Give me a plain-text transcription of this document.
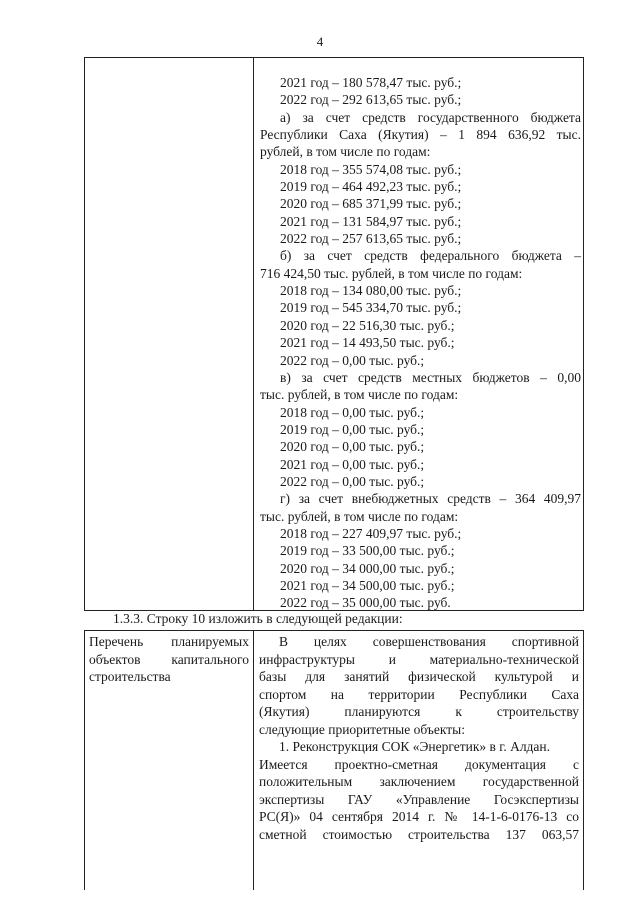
4
2021 год – 180 578,47 тыс. руб.;
2022 год – 292 613,65 тыс. руб.;
а) за счет средств государственного бюджета
Республики Саха (Якутия) – 1 894 636,92 тыс.
рублей, в том числе по годам:
2018 год – 355 574,08 тыс. руб.;
2019 год – 464 492,23 тыс. руб.;
2020 год – 685 371,99 тыс. руб.;
2021 год – 131 584,97 тыс. руб.;
2022 год – 257 613,65 тыс. руб.;
б) за счет средств федерального бюджета –
716 424,50 тыс. рублей, в том числе по годам:
2018 год – 134 080,00 тыс. руб.;
2019 год – 545 334,70 тыс. руб.;
2020 год – 22 516,30 тыс. руб.;
2021 год – 14 493,50 тыс. руб.;
2022 год – 0,00 тыс. руб.;
в) за счет средств местных бюджетов – 0,00
тыс. рублей, в том числе по годам:
2018 год – 0,00 тыс. руб.;
2019 год – 0,00 тыс. руб.;
2020 год – 0,00 тыс. руб.;
2021 год – 0,00 тыс. руб.;
2022 год – 0,00 тыс. руб.;
г) за счет внебюджетных средств – 364 409,97
тыс. рублей, в том числе по годам:
2018 год – 227 409,97 тыс. руб.;
2019 год – 33 500,00 тыс. руб.;
2020 год – 34 000,00 тыс. руб.;
2021 год – 34 500,00 тыс. руб.;
2022 год – 35 000,00 тыс. руб.
1.3.3. Строку 10 изложить в следующей редакции:
Перечень планируемых
объектов капитального
строительства
В целях совершенствования спортивной
инфраструктуры и материально-технической
базы для занятий физической культурой и
спортом на территории Республики Саха
(Якутия) планируются к строительству
следующие приоритетные объекты:
1. Реконструкция СОК «Энергетик» в г. Алдан.
Имеется проектно-сметная документация с
положительным заключением государственной
экспертизы ГАУ «Управление Госэкспертизы
РС(Я)» 04 сентября 2014 г. № 14-1-6-0176-13 со
сметной стоимостью строительства 137 063,57
